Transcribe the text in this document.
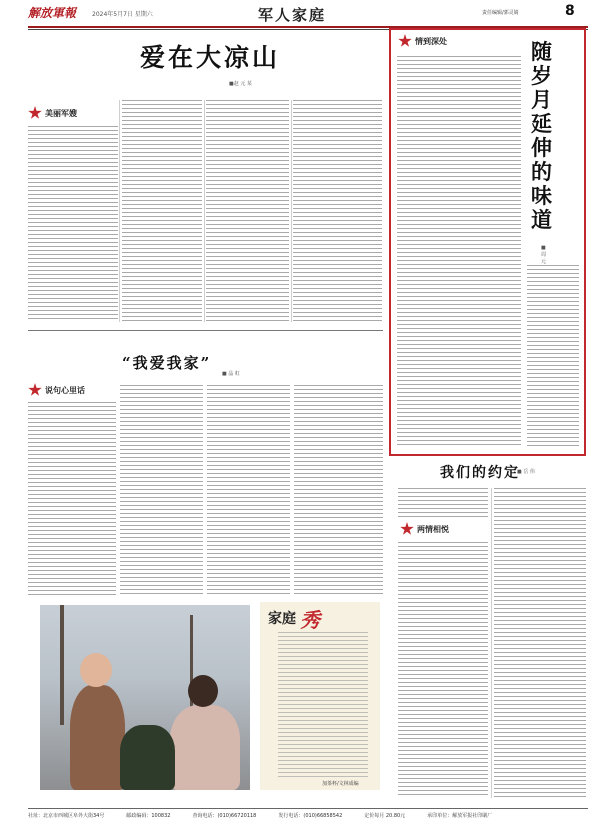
解放軍報	2024年5月7日 星期六	军人家庭	责任编辑/郭灵婧	8
爱在大凉山
■赵 元 某
美丽军嫂
情到深处	随岁月延伸的味道
■ 周 元
说句心里话
“我爱我家”
■ 晶 虹
我们的约定
■ 岳 伟
两情相悦
家庭 秀
加茶杯/文林成编
社址：北京市西城区阜外大街34号	邮政编码：100832	查询电话：(010)66720118	发行电话：(010)66858542	定价每月 20.80元	承印单位：解放军报社印刷厂
